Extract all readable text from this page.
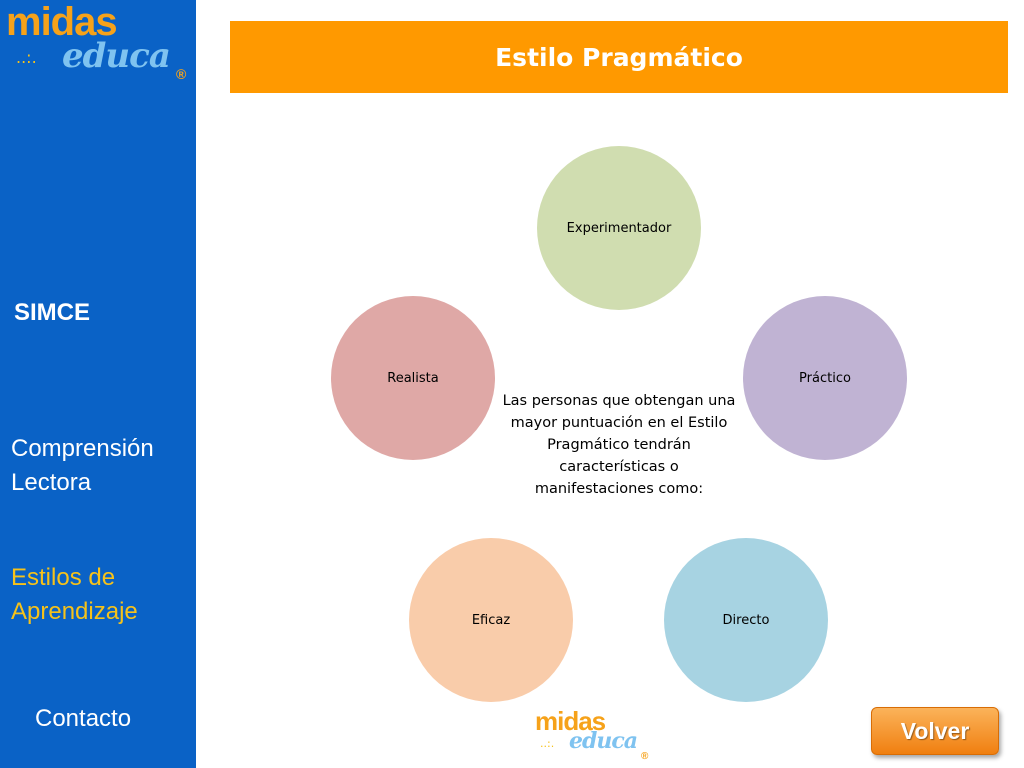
midas
..:. educa ®
SIMCE
Comprensión Lectora
Estilos de Aprendizaje
Contacto
Estilo Pragmático
Experimentador
Realista	Práctico
Eficaz	Directo
Las personas que obtengan una mayor puntuación en el Estilo Pragmático tendrán características o manifestaciones como:
midas
..:. educa
®
Volver
